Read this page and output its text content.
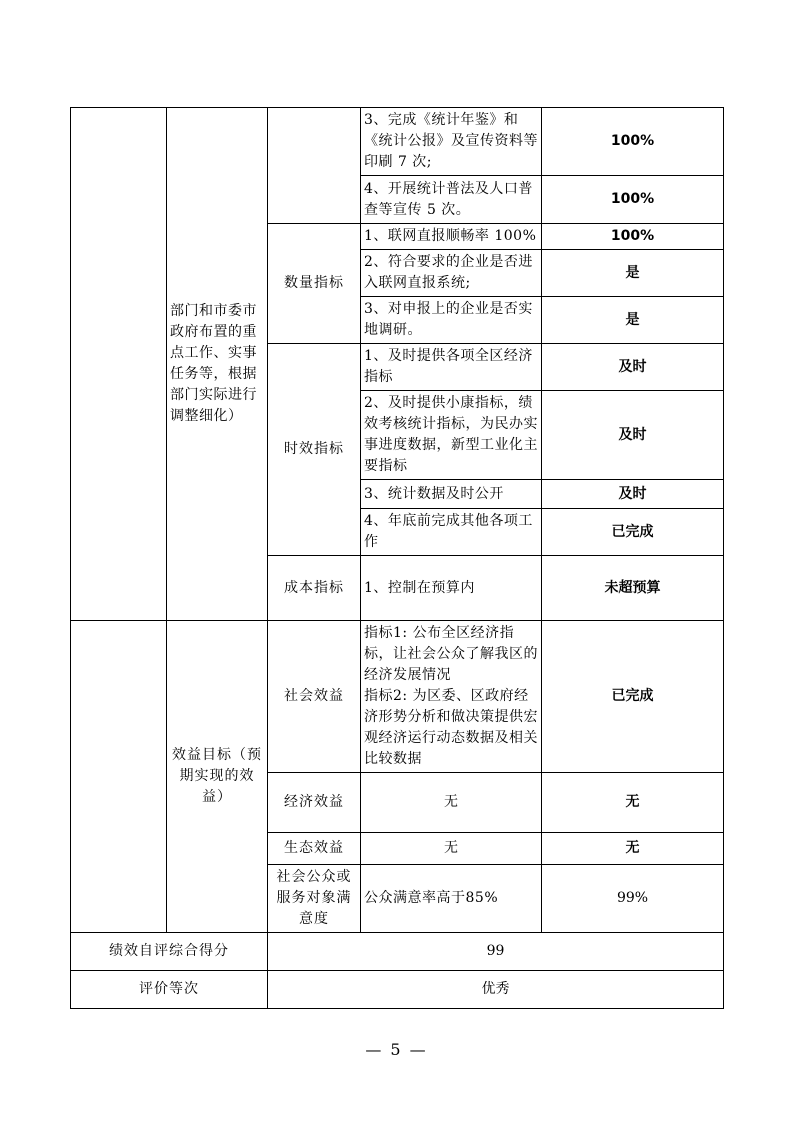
	部门和市委市政府布置的重点工作、实事任务等，根据部门实际进行调整细化）		3、完成《统计年鉴》和《统计公报》及宣传资料等印刷 7 次;	100%
			4、开展统计普法及人口普查等宣传 5 次。	100%
		数量指标	1、联网直报顺畅率 100%	100%
			2、符合要求的企业是否进入联网直报系统;	是
			3、对申报上的企业是否实地调研。	是
		时效指标	1、及时提供各项全区经济指标	及时
			2、及时提供小康指标，绩效考核统计指标，为民办实事进度数据，新型工业化主要指标	及时
			3、统计数据及时公开	及时
			4、年底前完成其他各项工作	已完成
		成本指标	1、控制在预算内	未超预算
	效益目标（预期实现的效益）	社会效益	指标1: 公布全区经济指标，让社会公众了解我区的经济发展情况
指标2: 为区委、区政府经济形势分析和做决策提供宏观经济运行动态数据及相关比较数据	已完成
		经济效益	无	无
		生态效益	无	无
		社会公众或服务对象满意度	公众满意率高于85%	99%
绩效自评综合得分		99		
评价等次		优秀		
— 5 —
